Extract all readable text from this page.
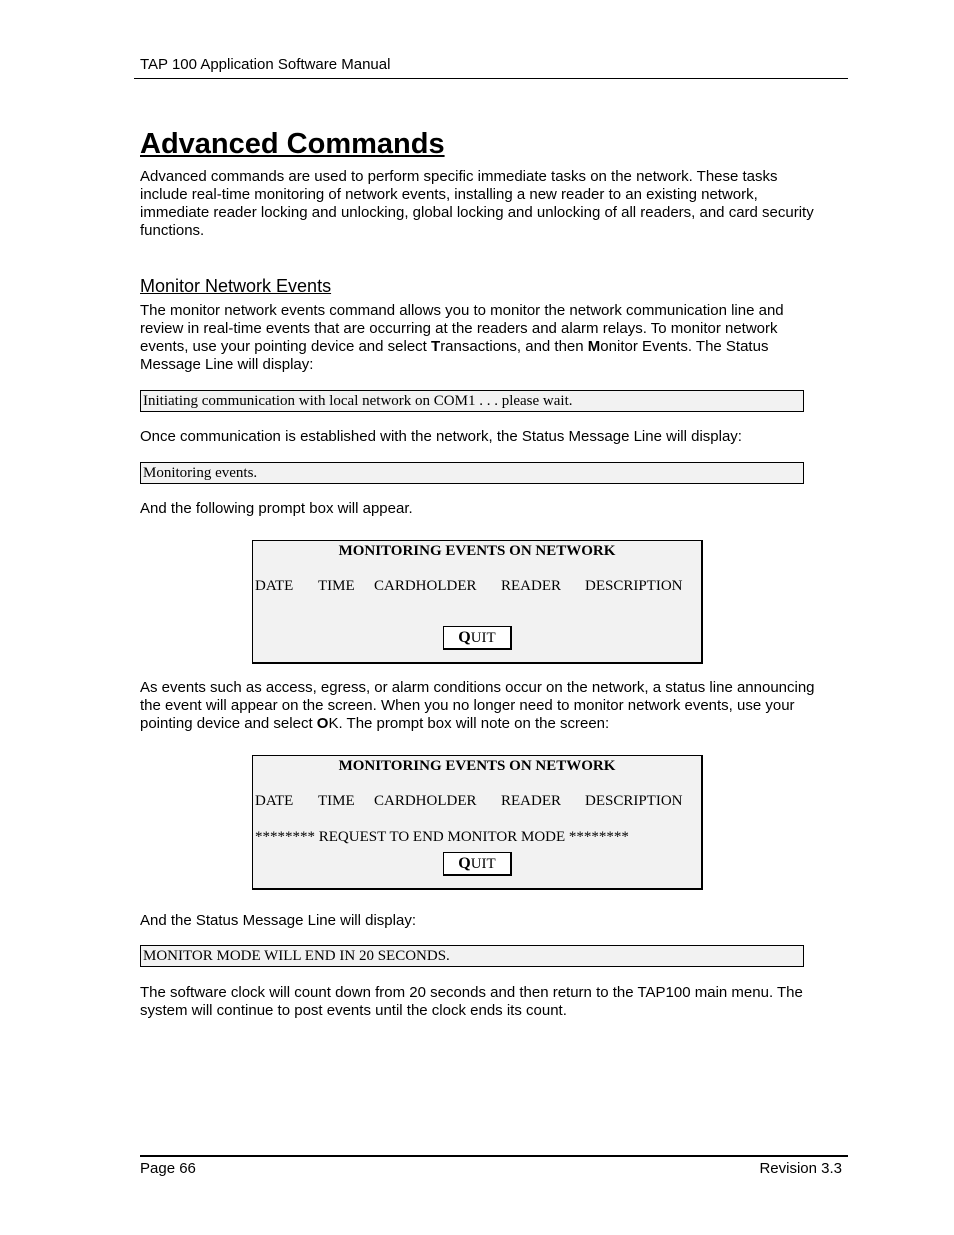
TAP 100 Application Software Manual
Advanced Commands

Advanced commands are used to perform specific immediate tasks on the network. These tasks include real-time monitoring of network events, installing a new reader to an existing network, immediate reader locking and unlocking, global locking and unlocking of all readers, and card security functions.

Monitor Network Events

The monitor network events command allows you to monitor the network communication line and review in real-time events that are occurring at the readers and alarm relays. To monitor network events, use your pointing device and select Transactions, and then Monitor Events. The Status Message Line will display:

Initiating communication with local network on COM1 . . . please wait.

Once communication is established with the network, the Status Message Line will display:

Monitoring events.

And the following prompt box will appear.

MONITORING EVENTS ON NETWORK
DATE TIME CARDHOLDER READER DESCRIPTION
QUIT

As events such as access, egress, or alarm conditions occur on the network, a status line announcing the event will appear on the screen. When you no longer need to monitor network events, use your pointing device and select OK. The prompt box will note on the screen:

MONITORING EVENTS ON NETWORK
DATE TIME CARDHOLDER READER DESCRIPTION
******** REQUEST TO END MONITOR MODE ********
QUIT

And the Status Message Line will display:

MONITOR MODE WILL END IN 20 SECONDS.

The software clock will count down from 20 seconds and then return to the TAP100 main menu. The system will continue to post events until the clock ends its count.

Page 66	Revision 3.3
